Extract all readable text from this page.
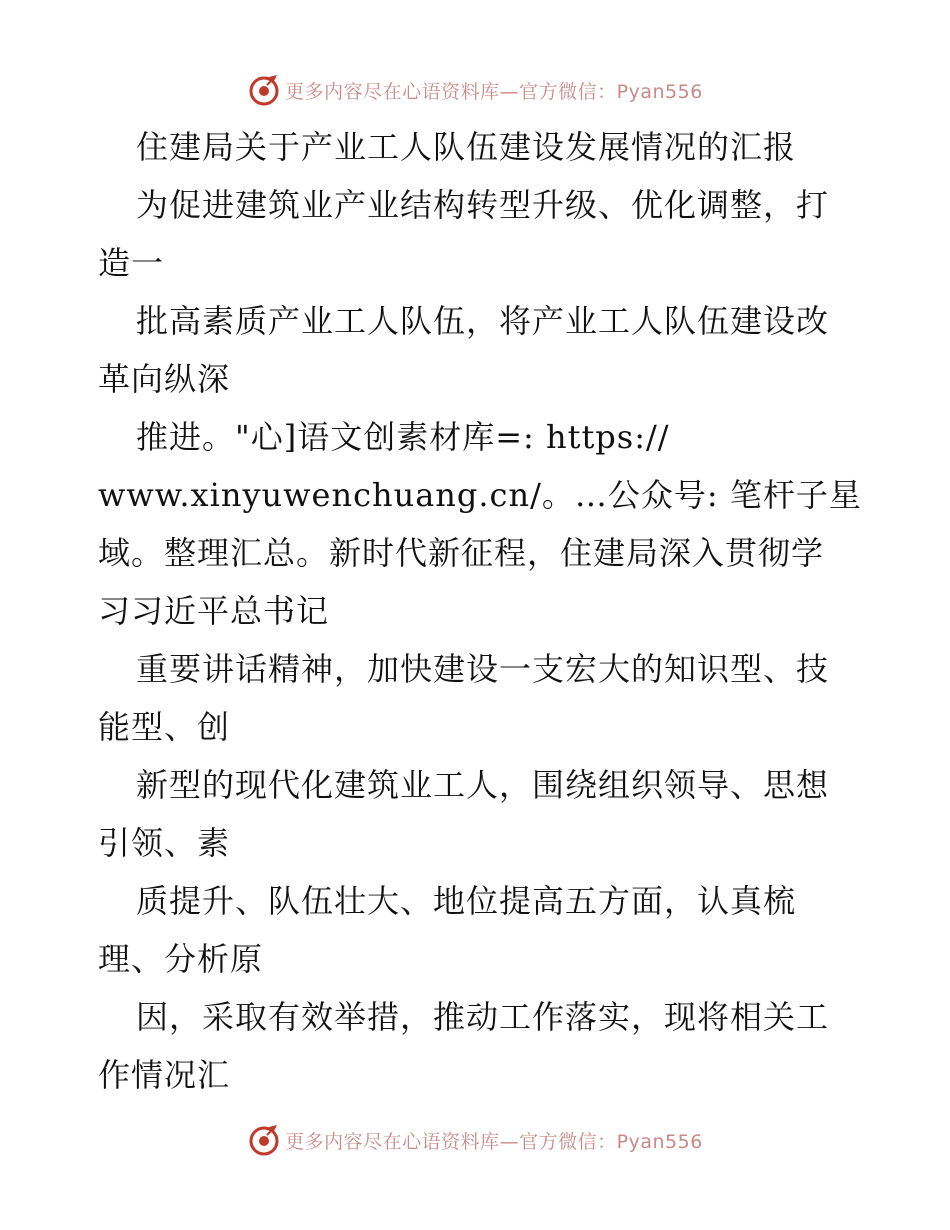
更多内容尽在心语资料库—官方微信：Pyan556
住建局关于产业工人队伍建设发展情况的汇报
为促进建筑业产业结构转型升级、优化调整，打
造一
批高素质产业工人队伍，将产业工人队伍建设改
革向纵深
推进。"心]语文创素材库=: https://
www.xinyuwenchuang.cn/。…公众号: 笔杆子星
域。整理汇总。新时代新征程，住建局深入贯彻学
习习近平总书记
重要讲话精神，加快建设一支宏大的知识型、技
能型、创
新型的现代化建筑业工人，围绕组织领导、思想
引领、素
质提升、队伍壮大、地位提高五方面，认真梳
理、分析原
因，采取有效举措，推动工作落实，现将相关工
作情况汇
更多内容尽在心语资料库—官方微信：Pyan556
